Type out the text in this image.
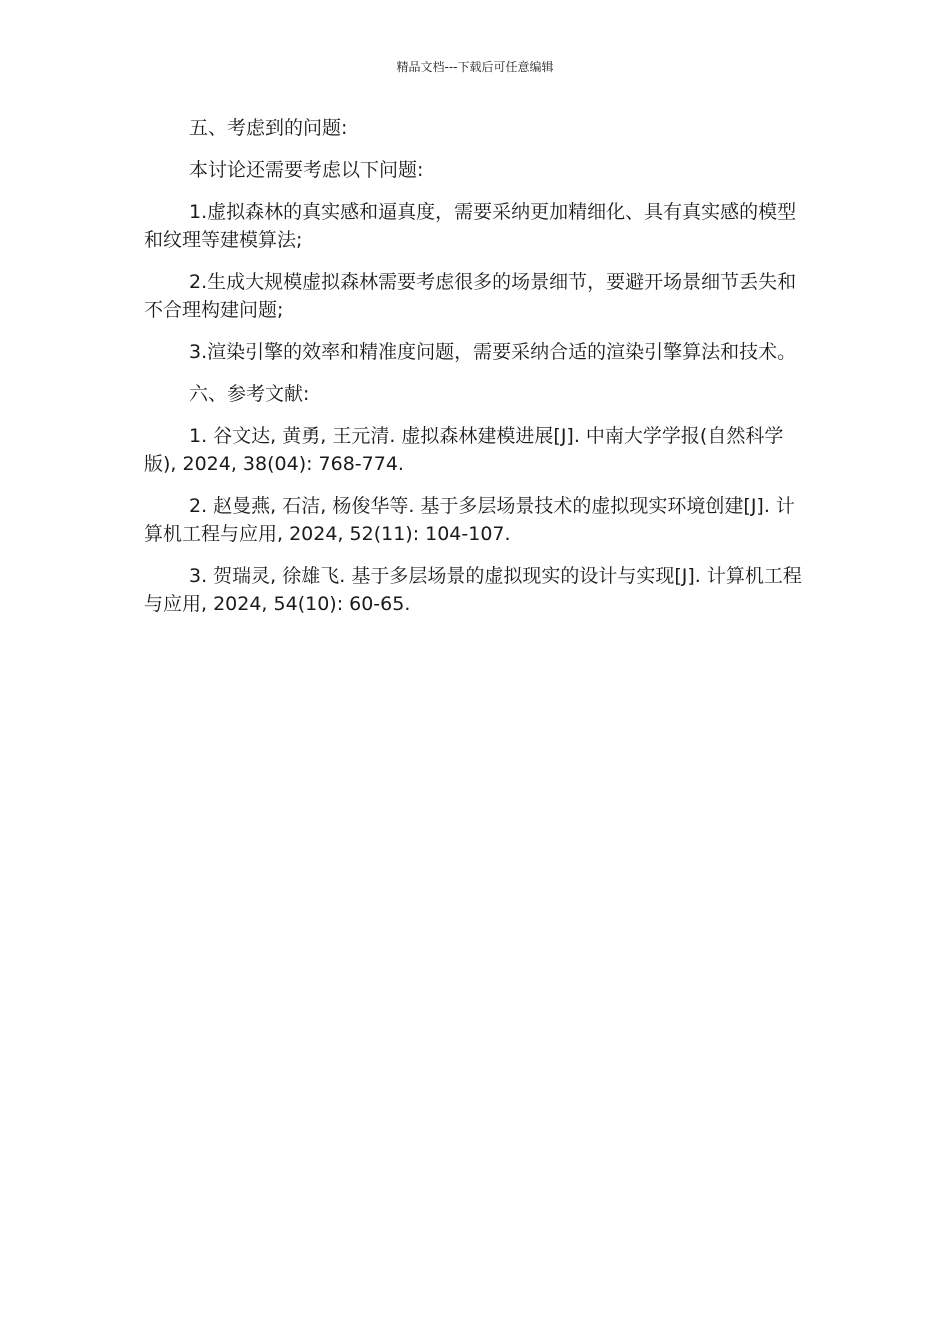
精品文档---下载后可任意编辑

五、考虑到的问题:

本讨论还需要考虑以下问题:

1.虚拟森林的真实感和逼真度，需要采纳更加精细化、具有真实感的模型和纹理等建模算法;

2.生成大规模虚拟森林需要考虑很多的场景细节，要避开场景细节丢失和不合理构建问题;

3.渲染引擎的效率和精准度问题，需要采纳合适的渲染引擎算法和技术。

六、参考文献:

1. 谷文达, 黄勇, 王元清. 虚拟森林建模进展[J]. 中南大学学报(自然科学版), 2024, 38(04): 768-774.

2. 赵曼燕, 石洁, 杨俊华等. 基于多层场景技术的虚拟现实环境创建[J]. 计算机工程与应用, 2024, 52(11): 104-107.

3. 贺瑞灵, 徐雄飞. 基于多层场景的虚拟现实的设计与实现[J]. 计算机工程与应用, 2024, 54(10): 60-65.
